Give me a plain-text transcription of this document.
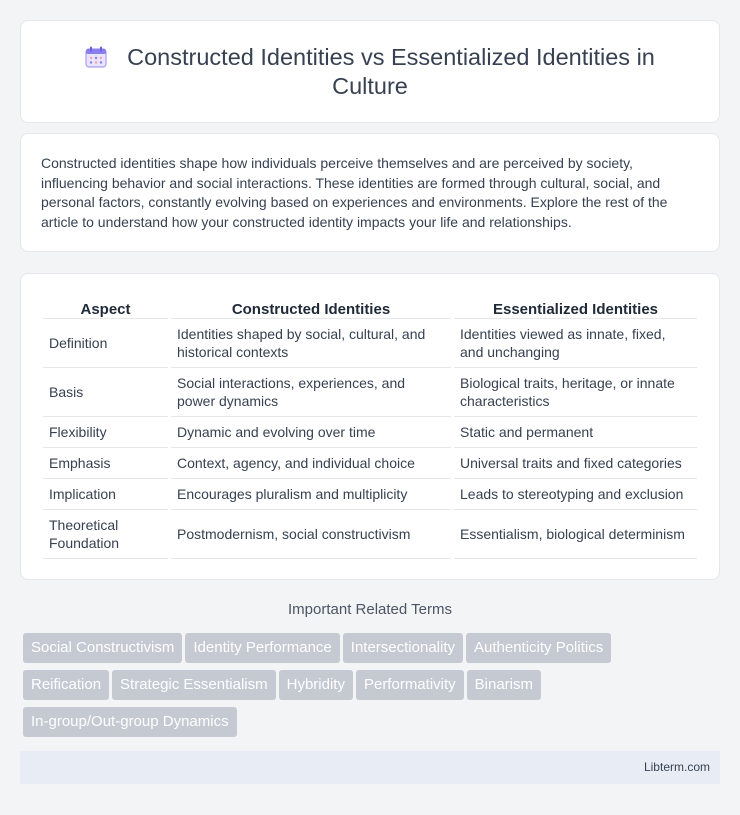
Constructed Identities vs Essentialized Identities in Culture

Constructed identities shape how individuals perceive themselves and are perceived by society, influencing behavior and social interactions. These identities are formed through cultural, social, and personal factors, constantly evolving based on experiences and environments. Explore the rest of the article to understand how your constructed identity impacts your life and relationships.

Aspect	Constructed Identities	Essentialized Identities
Definition	Identities shaped by social, cultural, and historical contexts	Identities viewed as innate, fixed, and unchanging
Basis	Social interactions, experiences, and power dynamics	Biological traits, heritage, or innate characteristics
Flexibility	Dynamic and evolving over time	Static and permanent
Emphasis	Context, agency, and individual choice	Universal traits and fixed categories
Implication	Encourages pluralism and multiplicity	Leads to stereotyping and exclusion
Theoretical Foundation	Postmodernism, social constructivism	Essentialism, biological determinism
Important Related Terms
Social Constructivism Identity Performance Intersectionality Authenticity Politics
Reification Strategic Essentialism Hybridity Performativity Binarism
In-group/Out-group Dynamics
Libterm.com
